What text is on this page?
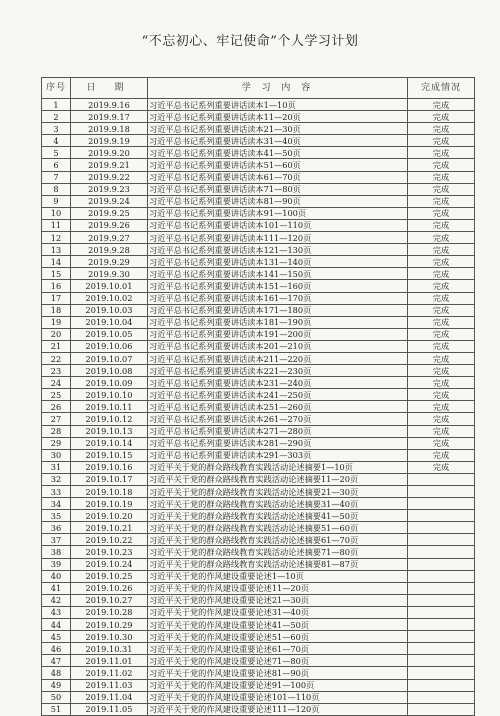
“不忘初心、牢记使命”个人学习计划
序号	日 期	学 习 内 容	完成情况
1	2019.9.16	习近平总书记系列重要讲话读本1—10页	完成
2	2019.9.17	习近平总书记系列重要讲话读本11—20页	完成
3	2019.9.18	习近平总书记系列重要讲话读本21—30页	完成
4	2019.9.19	习近平总书记系列重要讲话读本31—40页	完成
5	2019.9.20	习近平总书记系列重要讲话读本41—50页	完成
6	2019.9.21	习近平总书记系列重要讲话读本51—60页	完成
7	2019.9.22	习近平总书记系列重要讲话读本61—70页	完成
8	2019.9.23	习近平总书记系列重要讲话读本71—80页	完成
9	2019.9.24	习近平总书记系列重要讲话读本81—90页	完成
10	2019.9.25	习近平总书记系列重要讲话读本91—100页	完成
11	2019.9.26	习近平总书记系列重要讲话读本101—110页	完成
12	2019.9.27	习近平总书记系列重要讲话读本111—120页	完成
13	2019.9.28	习近平总书记系列重要讲话读本121—130页	完成
14	2019.9.29	习近平总书记系列重要讲话读本131—140页	完成
15	2019.9.30	习近平总书记系列重要讲话读本141—150页	完成
16	2019.10.01	习近平总书记系列重要讲话读本151—160页	完成
17	2019.10.02	习近平总书记系列重要讲话读本161—170页	完成
18	2019.10.03	习近平总书记系列重要讲话读本171—180页	完成
19	2019.10.04	习近平总书记系列重要讲话读本181—190页	完成
20	2019.10.05	习近平总书记系列重要讲话读本191—200页	完成
21	2019.10.06	习近平总书记系列重要讲话读本201—210页	完成
22	2019.10.07	习近平总书记系列重要讲话读本211—220页	完成
23	2019.10.08	习近平总书记系列重要讲话读本221—230页	完成
24	2019.10.09	习近平总书记系列重要讲话读本231—240页	完成
25	2019.10.10	习近平总书记系列重要讲话读本241—250页	完成
26	2019.10.11	习近平总书记系列重要讲话读本251—260页	完成
27	2019.10.12	习近平总书记系列重要讲话读本261—270页	完成
28	2019.10.13	习近平总书记系列重要讲话读本271—280页	完成
29	2019.10.14	习近平总书记系列重要讲话读本281—290页	完成
30	2019.10.15	习近平总书记系列重要讲话读本291—303页	完成
31	2019.10.16	习近平关于党的群众路线教育实践活动论述摘要1—10页	完成
32	2019.10.17	习近平关于党的群众路线教育实践活动论述摘要11—20页	
33	2019.10.18	习近平关于党的群众路线教育实践活动论述摘要21—30页	
34	2019.10.19	习近平关于党的群众路线教育实践活动论述摘要31—40页	
35	2019.10.20	习近平关于党的群众路线教育实践活动论述摘要41—50页	
36	2019.10.21	习近平关于党的群众路线教育实践活动论述摘要51—60页	
37	2019.10.22	习近平关于党的群众路线教育实践活动论述摘要61—70页	
38	2019.10.23	习近平关于党的群众路线教育实践活动论述摘要71—80页	
39	2019.10.24	习近平关于党的群众路线教育实践活动论述摘要81—87页	
40	2019.10.25	习近平关于党的作风建设重要论述1—10页	
41	2019.10.26	习近平关于党的作风建设重要论述11—20页	
42	2019.10.27	习近平关于党的作风建设重要论述21—30页	
43	2019.10.28	习近平关于党的作风建设重要论述31—40页	
44	2019.10.29	习近平关于党的作风建设重要论述41—50页	
45	2019.10.30	习近平关于党的作风建设重要论述51—60页	
46	2019.10.31	习近平关于党的作风建设重要论述61—70页	
47	2019.11.01	习近平关于党的作风建设重要论述71—80页	
48	2019.11.02	习近平关于党的作风建设重要论述81—90页	
49	2019.11.03	习近平关于党的作风建设重要论述91—100页	
50	2019.11.04	习近平关于党的作风建设重要论述101—110页	
51	2019.11.05	习近平关于党的作风建设重要论述111—120页	
